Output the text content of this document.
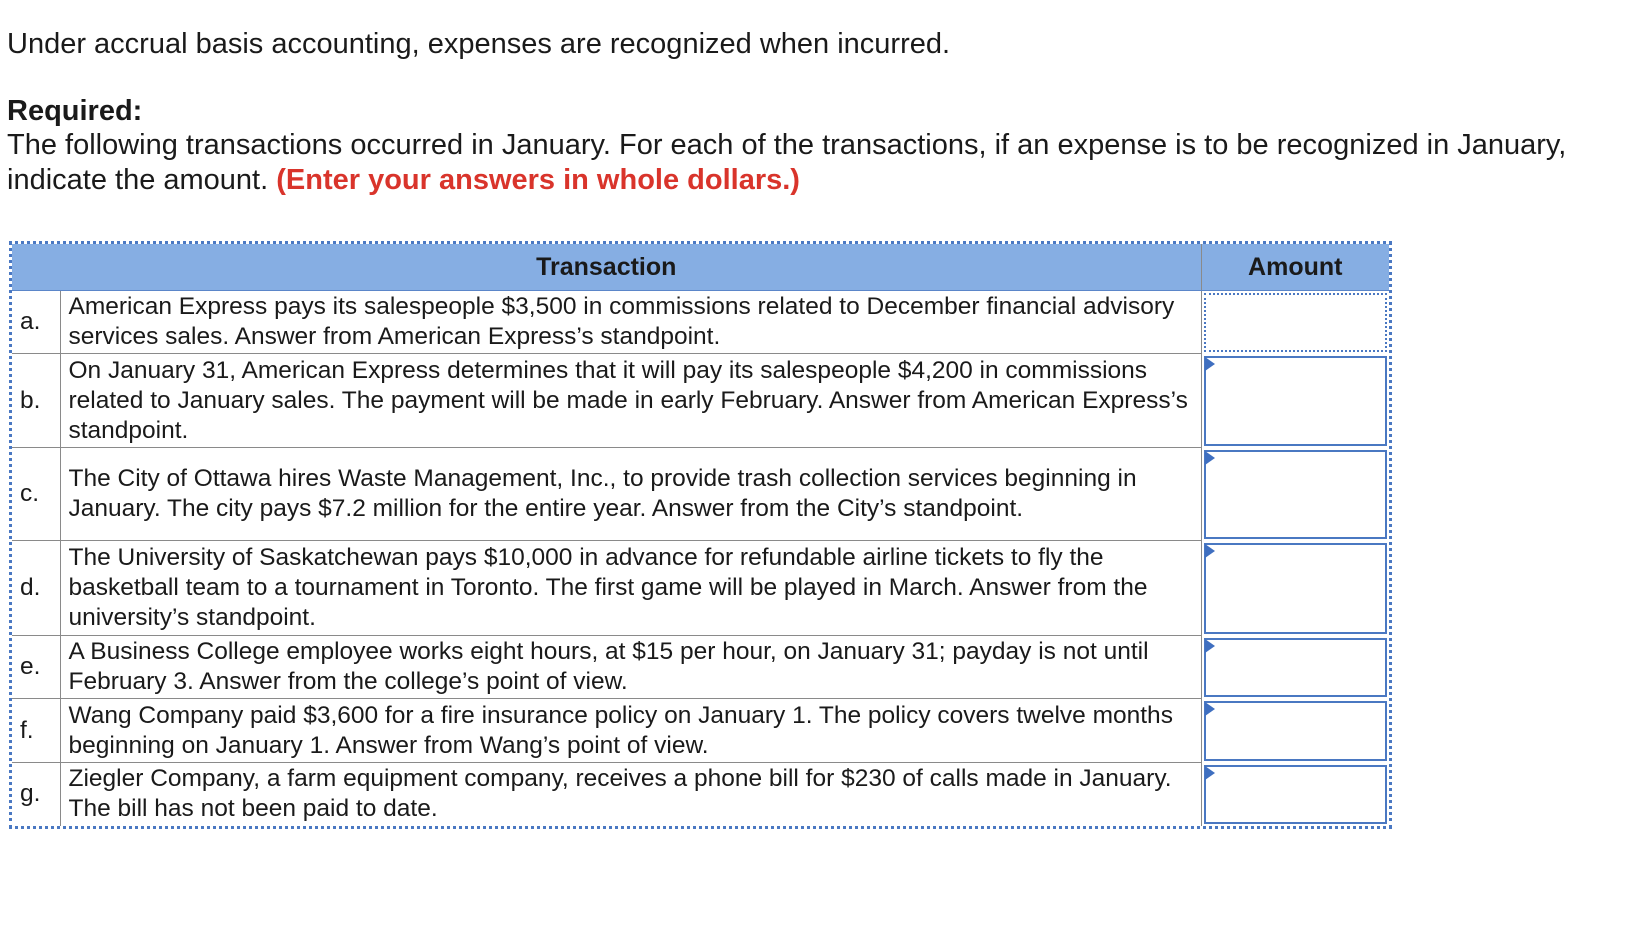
Under accrual basis accounting, expenses are recognized when incurred.

Required:

The following transactions occurred in January. For each of the transactions, if an expense is to be recognized in January, indicate the amount. (Enter your answers in whole dollars.)

Transaction		Amount
a.	American Express pays its salespeople $3,500 in commissions related to December financial advisory services sales. Answer from American Express’s standpoint.	

b.	On January 31, American Express determines that it will pay its salespeople $4,200 in commissions related to January sales. The payment will be made in early February. Answer from American Express’s standpoint.	

c.	The City of Ottawa hires Waste Management, Inc., to provide trash collection services beginning in January. The city pays $7.2 million for the entire year. Answer from the City’s standpoint.	

d.	The University of Saskatchewan pays $10,000 in advance for refundable airline tickets to fly the basketball team to a tournament in Toronto. The first game will be played in March. Answer from the university’s standpoint.	

e.	A Business College employee works eight hours, at $15 per hour, on January 31; payday is not until February 3. Answer from the college’s point of view.	

f.	Wang Company paid $3,600 for a fire insurance policy on January 1. The policy covers twelve months beginning on January 1. Answer from Wang’s point of view.	

g.	Ziegler Company, a farm equipment company, receives a phone bill for $230 of calls made in January. The bill has not been paid to date.	
